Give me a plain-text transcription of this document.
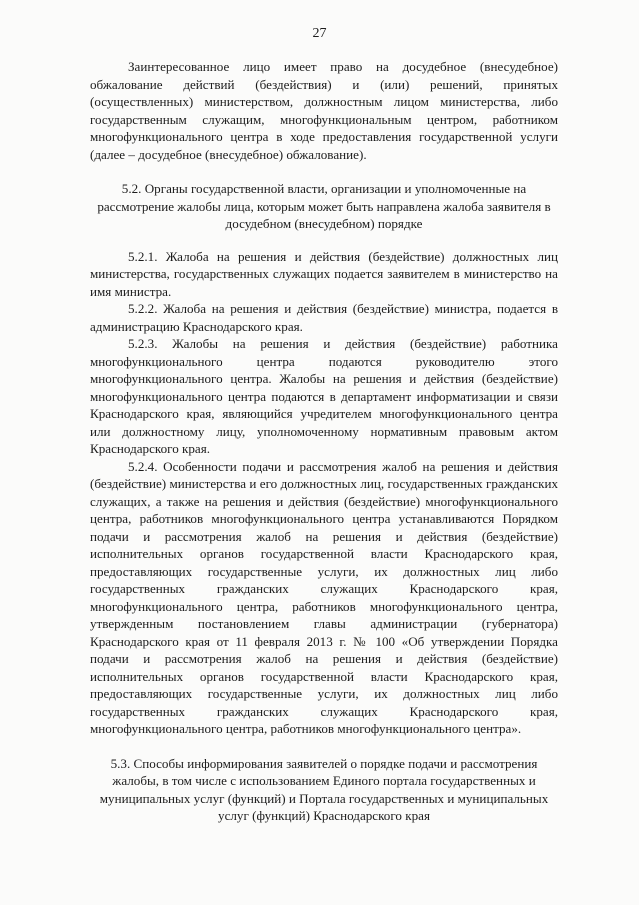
27

Заинтересованное лицо имеет право на досудебное (внесудебное) обжалование действий (бездействия) и (или) решений, принятых (осуществленных) министерством, должностным лицом министерства, либо государственным служащим, многофункциональным центром, работником многофункционального центра в ходе предоставления государственной услуги (далее – досудебное (внесудебное) обжалование).

5.2. Органы государственной власти, организации и уполномоченные на рассмотрение жалобы лица, которым может быть направлена жалоба заявителя в досудебном (внесудебном) порядке

5.2.1. Жалоба на решения и действия (бездействие) должностных лиц министерства, государственных служащих подается заявителем в министерство на имя министра.

5.2.2. Жалоба на решения и действия (бездействие) министра, подается в администрацию Краснодарского края.

5.2.3. Жалобы на решения и действия (бездействие) работника многофункционального центра подаются руководителю этого многофункционального центра. Жалобы на решения и действия (бездействие) многофункционального центра подаются в департамент информатизации и связи Краснодарского края, являющийся учредителем многофункционального центра или должностному лицу, уполномоченному нормативным правовым актом Краснодарского края.

5.2.4. Особенности подачи и рассмотрения жалоб на решения и действия (бездействие) министерства и его должностных лиц, государственных гражданских служащих, а также на решения и действия (бездействие) многофункционального центра, работников многофункционального центра устанавливаются Порядком подачи и рассмотрения жалоб на решения и действия (бездействие) исполнительных органов государственной власти Краснодарского края, предоставляющих государственные услуги, их должностных лиц либо государственных гражданских служащих Краснодарского края, многофункционального центра, работников многофункционального центра, утвержденным постановлением главы администрации (губернатора) Краснодарского края от 11 февраля 2013 г. № 100 «Об утверждении Порядка подачи и рассмотрения жалоб на решения и действия (бездействие) исполнительных органов государственной власти Краснодарского края, предоставляющих государственные услуги, их должностных лиц либо государственных гражданских служащих Краснодарского края, многофункционального центра, работников многофункционального центра».

5.3. Способы информирования заявителей о порядке подачи и рассмотрения жалобы, в том числе с использованием Единого портала государственных и муниципальных услуг (функций) и Портала государственных и муниципальных услуг (функций) Краснодарского края
